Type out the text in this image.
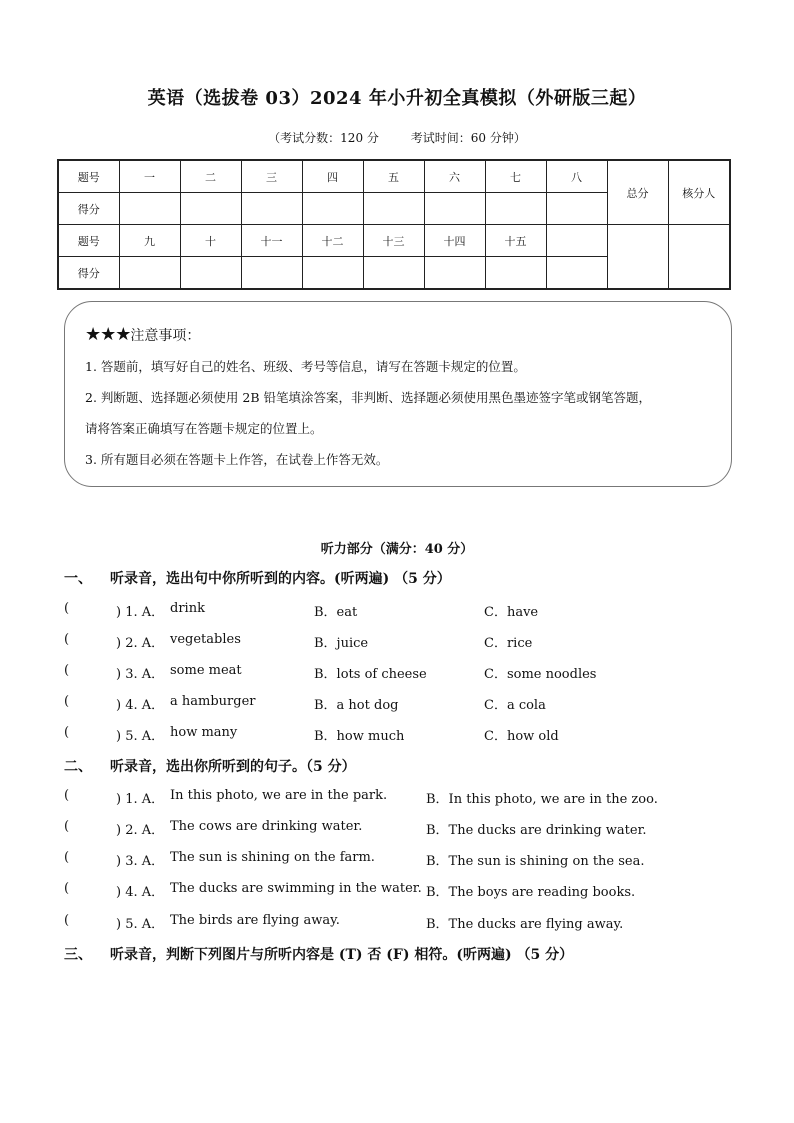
英语（选拔卷 03）2024 年小升初全真模拟（外研版三起）
（考试分数：120 分	考试时间：60 分钟）
题号	一	二	三	四	五	六	七	八	总分	核分人
得分										
题号	九	十	十一	十二	十三	十四	十五			
得分										
★★★注意事项：

1. 答题前，填写好自己的姓名、班级、考号等信息，请写在答题卡规定的位置。

2. 判断题、选择题必须使用 2B 铅笔填涂答案，非判断、选择题必须使用黑色墨迹签字笔或钢笔答题，

请将答案正确填写在答题卡规定的位置上。

3. 所有题目必须在答题卡上作答，在试卷上作答无效。

听力部分（满分：40 分）
一、 听录音，选出句中你所听到的内容。(听两遍) （5 分）
(	) 1. A． drink	B．eat	C．have
(	) 2. A． vegetables	B．juice	C．rice
(	) 3. A． some meat	B．lots of cheese	C．some noodles
(	) 4. A． a hamburger	B．a hot dog	C．a cola
(	) 5. A． how many	B．how much	C．how old
二、 听录音，选出你所听到的句子。（5 分）
(	) 1. A． In this photo, we are in the park.	B．In this photo, we are in the zoo.
(	) 2. A． The cows are drinking water.	B．The ducks are drinking water.
(	) 3. A． The sun is shining on the farm.	B．The sun is shining on the sea.
(	) 4. A． The ducks are swimming in the water. B．The boys are reading books.
(	) 5. A． The birds are flying away.	B．The ducks are flying away.
三、 听录音，判断下列图片与所听内容是 (T) 否 (F) 相符。(听两遍) （5 分）
